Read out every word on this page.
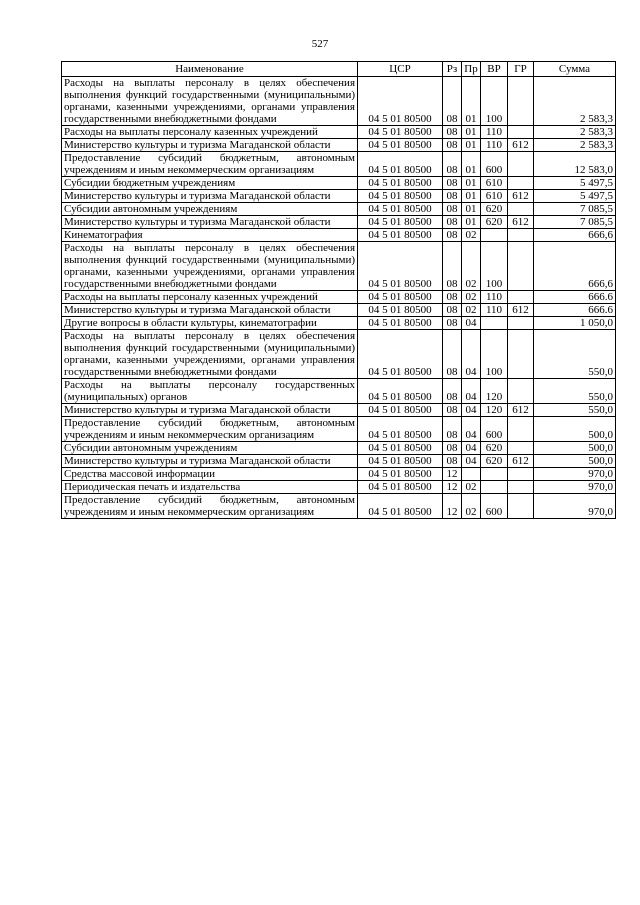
527
Наименование	ЦСР	Рз	Пр	ВР	ГР	Сумма
Расходы на выплаты персоналу в целях обеспечения выполнения функций государственными (муниципальными) органами, казенными учреждениями, органами управления государственными внебюджетными фондами	04 5 01 80500	08	01	100		2 583,3
Расходы на выплаты персоналу казенных учреждений	04 5 01 80500	08	01	110		2 583,3
Министерство культуры и туризма Магаданской области	04 5 01 80500	08	01	110	612	2 583,3
Предоставление субсидий бюджетным, автономным учреждениям и иным некоммерческим организациям	04 5 01 80500	08	01	600		12 583,0
Субсидии бюджетным учреждениям	04 5 01 80500	08	01	610		5 497,5
Министерство культуры и туризма Магаданской области	04 5 01 80500	08	01	610	612	5 497,5
Субсидии автономным учреждениям	04 5 01 80500	08	01	620		7 085,5
Министерство культуры и туризма Магаданской области	04 5 01 80500	08	01	620	612	7 085,5
Кинематография	04 5 01 80500	08	02			666,6
Расходы на выплаты персоналу в целях обеспечения выполнения функций государственными (муниципальными) органами, казенными учреждениями, органами управления государственными внебюджетными фондами	04 5 01 80500	08	02	100		666,6
Расходы на выплаты персоналу казенных учреждений	04 5 01 80500	08	02	110		666.6
Министерство культуры и туризма Магаданской области	04 5 01 80500	08	02	110	612	666.6
Другие вопросы в области культуры, кинематографии	04 5 01 80500	08	04			1 050,0
Расходы на выплаты персоналу в целях обеспечения выполнения функций государственными (муниципальными) органами, казенными учреждениями, органами управления государственными внебюджетными фондами	04 5 01 80500	08	04	100		550,0
Расходы на выплаты персоналу государственных (муниципальных) органов	04 5 01 80500	08	04	120		550,0
Министерство культуры и туризма Магаданской области	04 5 01 80500	08	04	120	612	550,0
Предоставление субсидий бюджетным, автономным учреждениям и иным некоммерческим организациям	04 5 01 80500	08	04	600		500,0
Субсидии автономным учреждениям	04 5 01 80500	08	04	620		500,0
Министерство культуры и туризма Магаданской области	04 5 01 80500	08	04	620	612	500,0
Средства массовой информации	04 5 01 80500	12				970,0
Периодическая печать и издательства	04 5 01 80500	12	02			970,0
Предоставление субсидий бюджетным, автономным учреждениям и иным некоммерческим организациям	04 5 01 80500	12	02	600		970,0
